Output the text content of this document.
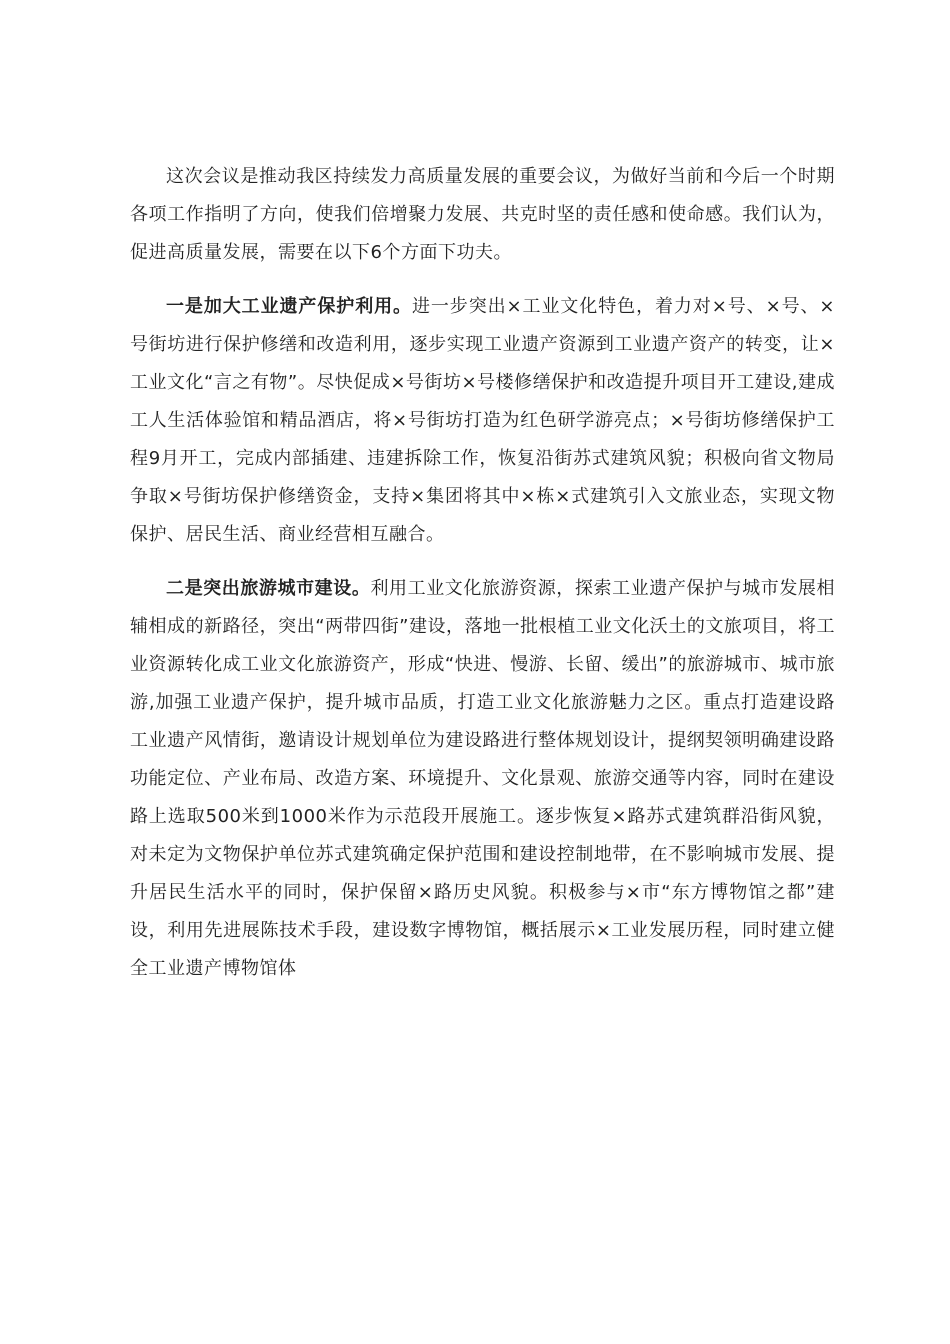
这次会议是推动我区持续发力高质量发展的重要会议，为做好当前和今后一个时期各项工作指明了方向，使我们倍增聚力发展、共克时坚的责任感和使命感。我们认为，促进高质量发展，需要在以下6个方面下功夫。

一是加大工业遗产保护利用。进一步突出×工业文化特色，着力对×号、×号、×号街坊进行保护修缮和改造利用，逐步实现工业遗产资源到工业遗产资产的转变，让×工业文化“言之有物”。尽快促成×号街坊×号楼修缮保护和改造提升项目开工建设,建成工人生活体验馆和精品酒店，将×号街坊打造为红色研学游亮点；×号街坊修缮保护工程9月开工，完成内部插建、违建拆除工作，恢复沿街苏式建筑风貌；积极向省文物局争取×号街坊保护修缮资金，支持×集团将其中×栋×式建筑引入文旅业态，实现文物保护、居民生活、商业经营相互融合。

二是突出旅游城市建设。利用工业文化旅游资源，探索工业遗产保护与城市发展相辅相成的新路径，突出“两带四街”建设，落地一批根植工业文化沃土的文旅项目，将工业资源转化成工业文化旅游资产，形成“快进、慢游、长留、缓出”的旅游城市、城市旅游,加强工业遗产保护，提升城市品质，打造工业文化旅游魅力之区。重点打造建设路工业遗产风情街，邀请设计规划单位为建设路进行整体规划设计，提纲契领明确建设路功能定位、产业布局、改造方案、环境提升、文化景观、旅游交通等内容，同时在建设路上选取500米到1000米作为示范段开展施工。逐步恢复×路苏式建筑群沿街风貌，对未定为文物保护单位苏式建筑确定保护范围和建设控制地带，在不影响城市发展、提升居民生活水平的同时，保护保留×路历史风貌。积极参与×市“东方博物馆之都”建设，利用先进展陈技术手段，建设数字博物馆，概括展示×工业发展历程，同时建立健全工业遗产博物馆体
